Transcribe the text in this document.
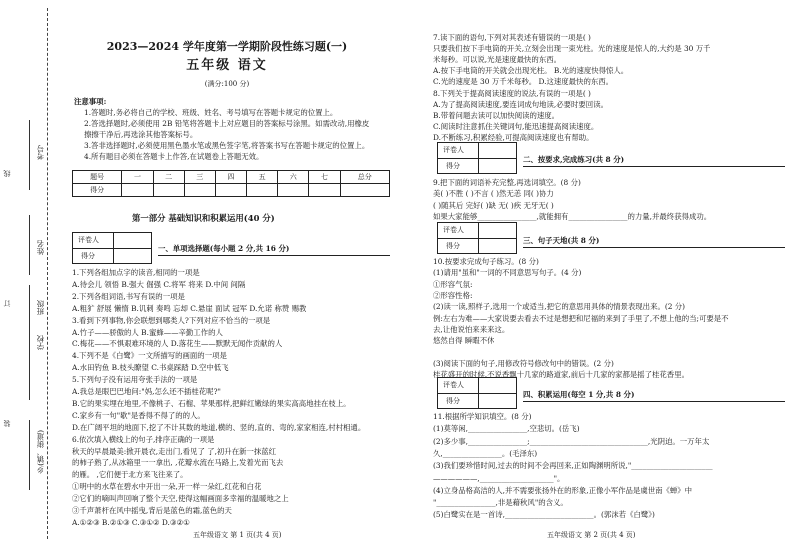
考号
姓名
班级
学校
乡(镇、街道)
线
订
装
2023—2024 学年度第一学期阶段性练习题(一)
五年级 语文
(满分:100 分)
注意事项:
1.答题时,务必将自己的学校、班级、姓名、考号填写在答题卡规定的位置上。
2.答选择题时,必须使用 2B 铅笔将答题卡上对应题目的答案标号涂黑。如需改动,用橡皮
擦擦干净后,再选涂其他答案标号。
3.答非选择题时,必须使用黑色墨水笔或黑色签字笔,将答案书写在答题卡规定的位置上。
4.所有题目必须在答题卡上作答,在试题卷上答题无效。
题号	一	二	三	四	五	六	七	总分
得分								
第一部分 基础知识和积累运用(40 分)
评卷人
得分
一、单项选择题(每小题 2 分,共 16 分)
1.下列各组加点字的读音,相同的一项是
A.待会儿 领悟 B.强大 倔强 C.将军 将来 D.中间 间隔
2.下列各组词语,书写有误的一项是
A.粗犷 舒展 懒惰 B.讥刺 奏鸣 忘却 C.悬崖 面试 冠军 D.允诺 称赞 赐教
3.看到下列事物,你会联想到哪类人?下列对应不恰当的一项是
A.竹子——骄傲的人 B.蜜蜂——辛勤工作的人
C.梅花——不惧艰难环境的人 D.落花生——默默无闻作贡献的人
4.下列不是《白鹭》一文所描写的画面的一项是
A.水田钓鱼 B.枝头瞭望 C.书桌踩踏 D.空中低飞
5.下列句子没有运用夸张手法的一项是
A.我总是眼巴巴地问:"妈,怎么还不插桂花呢?"
B.它的果实埋在地里,不像桃子、石榴、苹果那样,把鲜红嫩绿的果实高高地挂在枝上。
C.家乡有一句"歇"是香得不得了的的人。
D.在广阔平坦的地面下,挖了不计其数的地道,横的、竖的,直的、弯的,家家相连,村村相通。
6.依次填入横线上的句子,排序正确的一项是
秋天的早晨最美:掀开晨衣,走出门,看见了 了,初升在新一抹蓝红
的柿子熟了,从冰箱里一一拿出, ,花瓣水流在马路上,发着光而飞去
的雁。 ,它们便于北方来飞往来了。
①明中的水草在碧水中开出一朵,开一样一朵红,红花和白花
②它们的嘀叫声回响了整个天空,使得这幅画面多幸福的温暖地之上
③千声萧杆在风中摇曳,背后是蓝色的霜,蓝色的天
A.①②③ B.②①③ C.③①② D.③②①
五年级语文 第 1 页(共 4 页)
7.读下面的语句,下列对其表述有错误的一项是( )
只要我们按下手电筒的开关,立刻会出现一束光柱。光的速度是惊人的,大约是 30 万千
米每秒。可以说,光是速度最快的东西。
A.按下手电筒的开关就会出现光柱。 B.光的速度快得惊人。
C.光的速度是 30 万千米每秒。 D.这速度最快的东西。
8.下列关于提高阅读速度的说法,有误的一项是( )
A.为了提高阅读速度,要连词成句地读,必要时要回读。
B.带着问题去读可以加快阅读的速度。
C.阅读时注意抓住关键词句,能迅速提高阅读速度。
D.不断练习,积累经验,可提高阅读速度也有帮助。
评卷人
得分
二、按要求,完成练习(共 8 分)
9.把下面的词语补充完整,再选词填空。(8 分)
美( )不胜 ( )不言 ( )然无恙 同( )协力
( )随其后 完好( )缺 无( )疾 无牙无( )
如果大家能够________________,就能拥有________________的力量,并最终获得成功。
评卷人
得分
三、句子天地(共 8 分)
10.按要求完成句子练习。(8 分)
(1)请用"虽和"一词的不同意思写句子。(4 分)
①形容气氛:
②形容性格:
(2)读一读,照样子,选用一个或适当,把它的意思用具体的情景表现出来。(2 分)
例:左右为难——大家说要去看去不过是想把和尼福的来到了手里了,不想上他的当;可要是不
去,让他说怕来来来这。
悠然自得 瞬暇不休
(3)阅读下面的句子,用修改符号修改句中的错误。(2 分)
桂花盛开的时候,不说香飘十几家的路道家,前后十几家的家都是摇了桂花香里。
评卷人
得分
四、积累运用(每空 1 分,共 8 分)
11.根据所学知识填空。(8 分)
(1)莫等闲,________________,空悲切。(岳飞)
(2)多少事,________________;________________________________,光阴迫。一万年太
久,________________。(毛泽东)
(3)我们要珍惜时间,过去的时间不会再回来,正如陶渊明所说,"______________________
——————,____________________"。
(4)立身品格高洁的人,并不需要张扬外在的形象,正像小军作品是虞世南《蝉》中
"________________,非是藉秋风"的含义。
(5)白鹭实在是一首诗,________________________。(郭沫若《白鹭》)
五年级语文 第 2 页(共 4 页)
